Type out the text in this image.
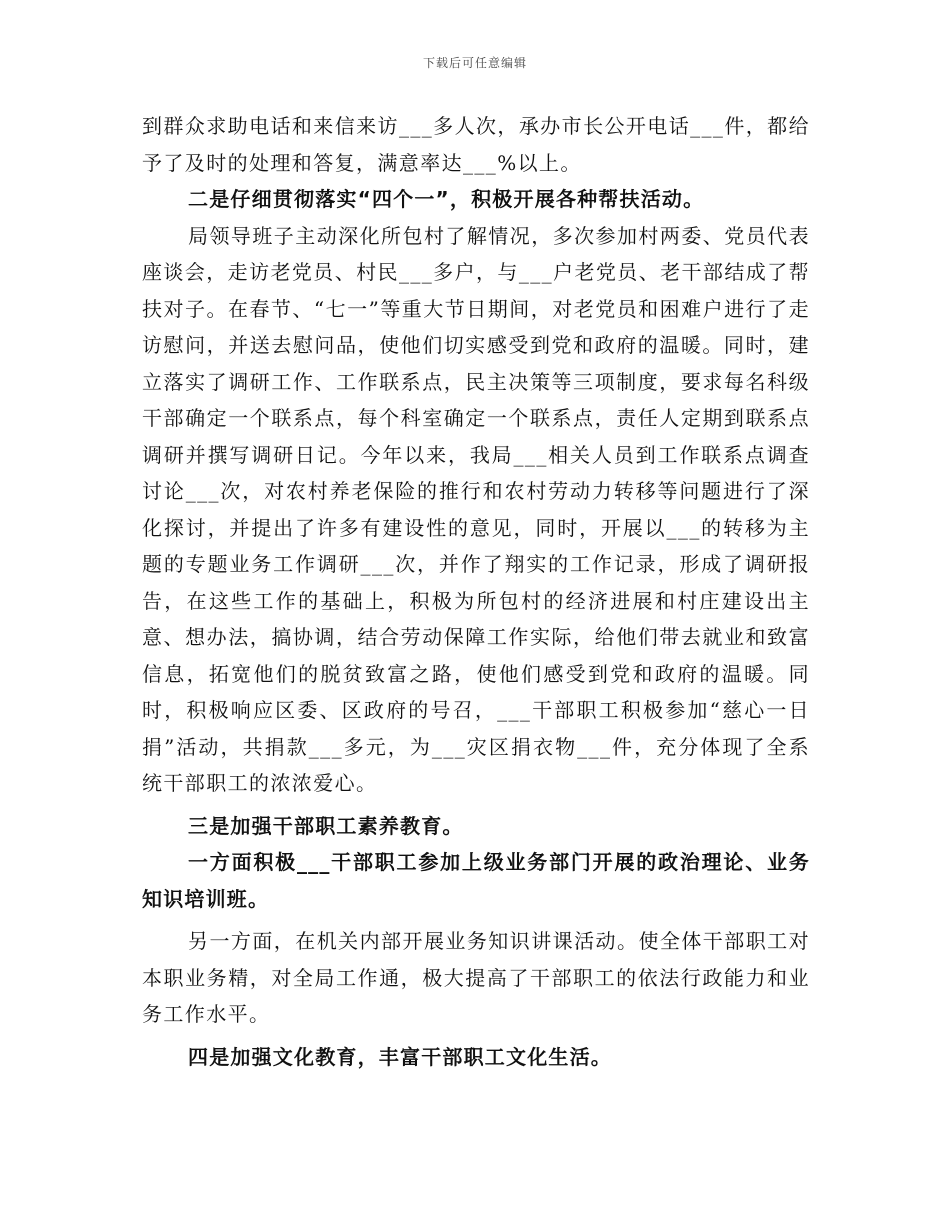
下载后可任意编辑

到群众求助电话和来信来访___多人次，承办市长公开电话___件，都给予了及时的处理和答复，满意率达___%以上。

二是仔细贯彻落实“四个一”，积极开展各种帮扶活动。

局领导班子主动深化所包村了解情况，多次参加村两委、党员代表座谈会，走访老党员、村民___多户，与___户老党员、老干部结成了帮扶对子。在春节、“七一”等重大节日期间，对老党员和困难户进行了走访慰问，并送去慰问品，使他们切实感受到党和政府的温暖。同时，建立落实了调研工作、工作联系点，民主决策等三项制度，要求每名科级干部确定一个联系点，每个科室确定一个联系点，责任人定期到联系点调研并撰写调研日记。今年以来，我局___相关人员到工作联系点调查讨论___次，对农村养老保险的推行和农村劳动力转移等问题进行了深化探讨，并提出了许多有建设性的意见，同时，开展以___的转移为主题的专题业务工作调研___次，并作了翔实的工作记录，形成了调研报告，在这些工作的基础上，积极为所包村的经济进展和村庄建设出主意、想办法，搞协调，结合劳动保障工作实际，给他们带去就业和致富信息，拓宽他们的脱贫致富之路，使他们感受到党和政府的温暖。同时，积极响应区委、区政府的号召，___干部职工积极参加“慈心一日捐”活动，共捐款___多元，为___灾区捐衣物___件，充分体现了全系统干部职工的浓浓爱心。

三是加强干部职工素养教育。

一方面积极___干部职工参加上级业务部门开展的政治理论、业务知识培训班。

另一方面，在机关内部开展业务知识讲课活动。使全体干部职工对本职业务精，对全局工作通，极大提高了干部职工的依法行政能力和业务工作水平。

四是加强文化教育，丰富干部职工文化生活。
